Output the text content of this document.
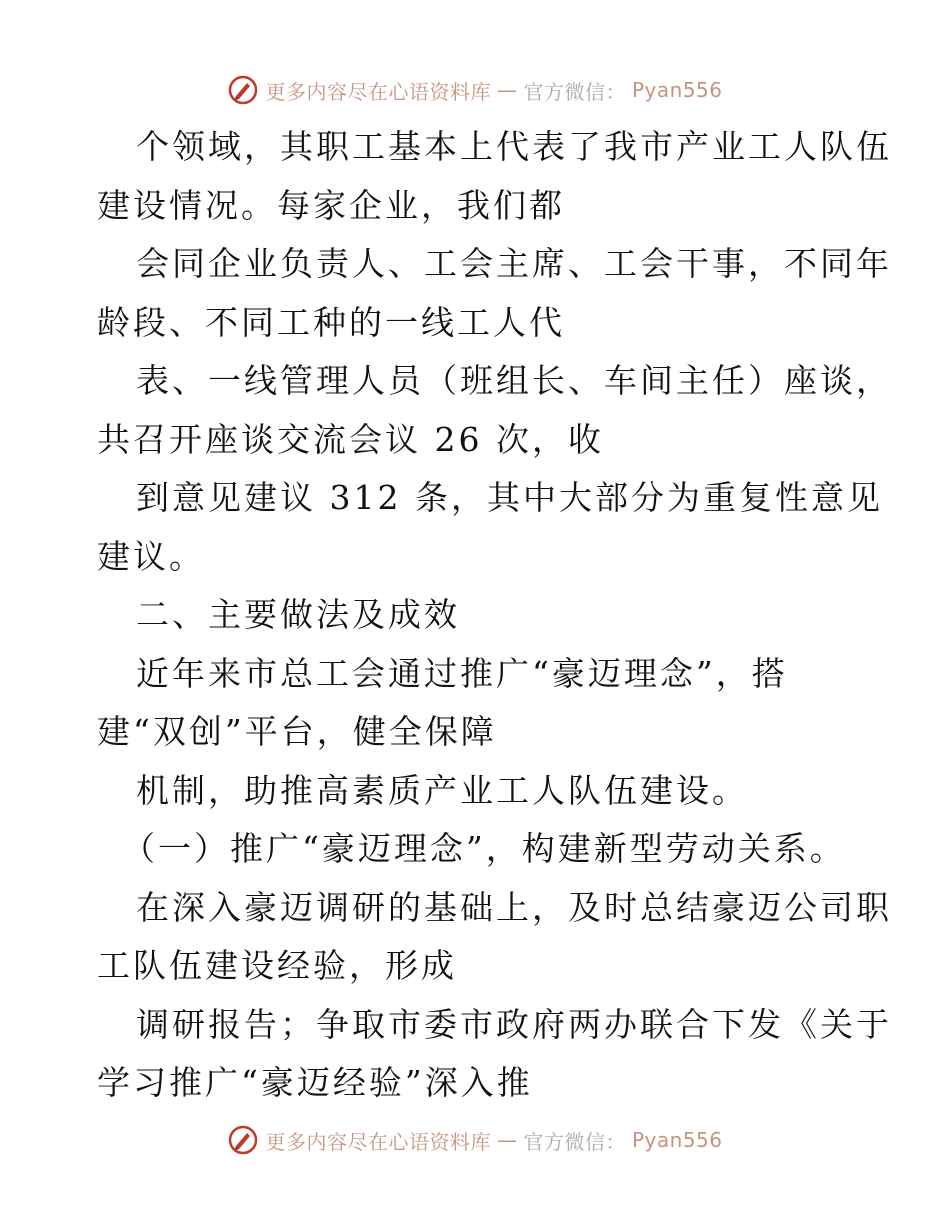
更多内容尽在心语资料库 — 官方微信： Pyan556
个领域，其职工基本上代表了我市产业工人队伍
建设情况。每家企业，我们都
会同企业负责人、工会主席、工会干事，不同年
龄段、不同工种的一线工人代
表、一线管理人员（班组长、车间主任）座谈，
共召开座谈交流会议 26 次，收
到意见建议 312 条，其中大部分为重复性意见
建议。
二、主要做法及成效
近年来市总工会通过推广“豪迈理念”，搭
建“双创”平台，健全保障
机制，助推高素质产业工人队伍建设。
（一）推广“豪迈理念”，构建新型劳动关系。
在深入豪迈调研的基础上，及时总结豪迈公司职
工队伍建设经验，形成
调研报告；争取市委市政府两办联合下发《关于
学习推广“豪迈经验”深入推
更多内容尽在心语资料库 — 官方微信： Pyan556
